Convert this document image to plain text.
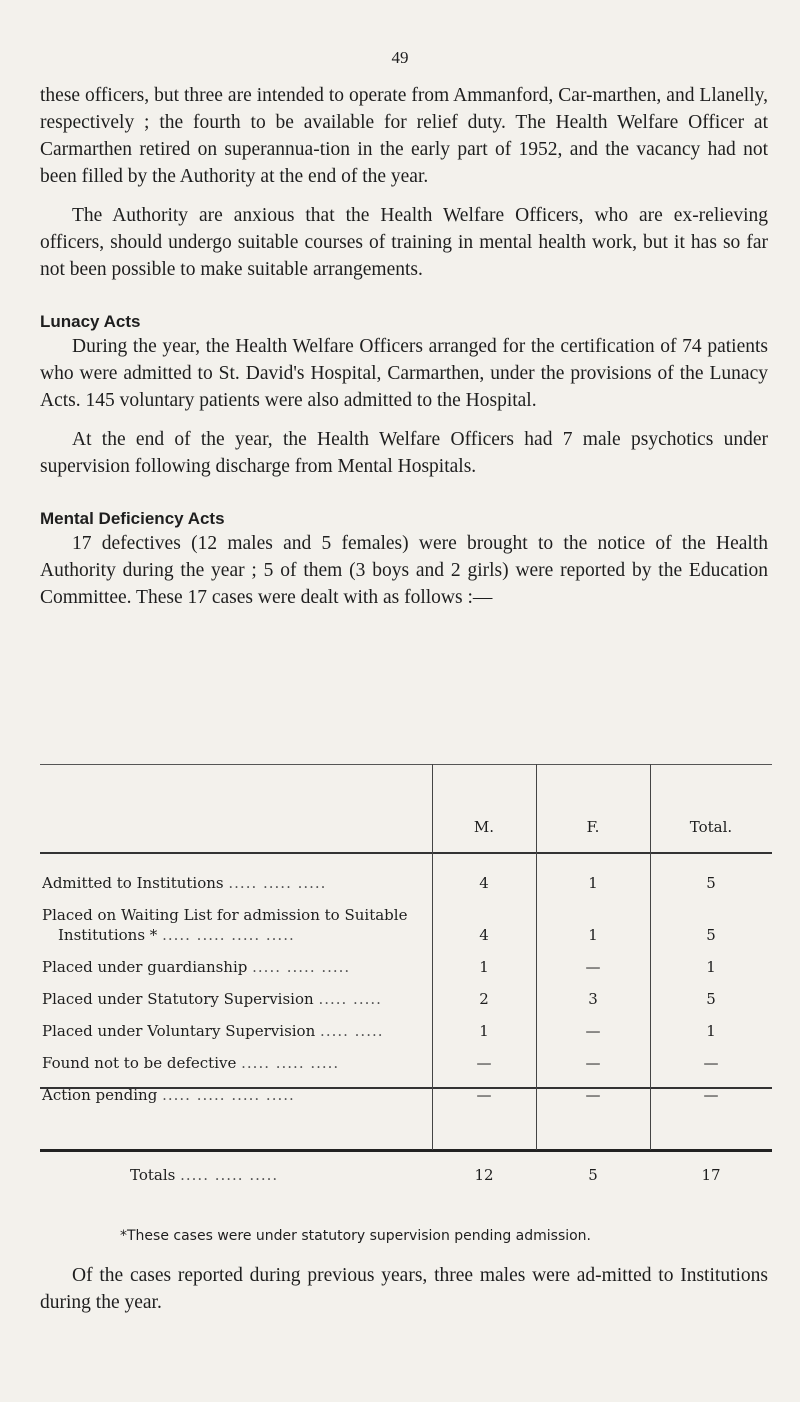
49

these officers, but three are intended to operate from Ammanford, Car-marthen, and Llanelly, respectively ; the fourth to be available for relief duty. The Health Welfare Officer at Carmarthen retired on superannua-tion in the early part of 1952, and the vacancy had not been filled by the Authority at the end of the year.

The Authority are anxious that the Health Welfare Officers, who are ex-relieving officers, should undergo suitable courses of training in mental health work, but it has so far not been possible to make suitable arrangements.

Lunacy Acts

During the year, the Health Welfare Officers arranged for the certification of 74 patients who were admitted to St. David's Hospital, Carmarthen, under the provisions of the Lunacy Acts. 145 voluntary patients were also admitted to the Hospital.

At the end of the year, the Health Welfare Officers had 7 male psychotics under supervision following discharge from Mental Hospitals.

Mental Deficiency Acts

17 defectives (12 males and 5 females) were brought to the notice of the Health Authority during the year ; 5 of them (3 boys and 2 girls) were reported by the Education Committee. These 17 cases were dealt with as follows :—

M.	F.	Total.
Admitted to Institutions ..... ..... .....	4	1	5
Placed on Waiting List for admission to Suitable
Institutions * ..... ..... ..... .....	4	1	5
Placed under guardianship ..... ..... .....	1	—	1
Placed under Statutory Supervision ..... .....	2	3	5
Placed under Voluntary Supervision ..... .....	1	—	1
Found not to be defective ..... ..... .....	—	—	—
Action pending ..... ..... ..... .....	—	—	—
Totals ..... ..... .....	12	5	17
*These cases were under statutory supervision pending admission.

Of the cases reported during previous years, three males were ad-mitted to Institutions during the year.
